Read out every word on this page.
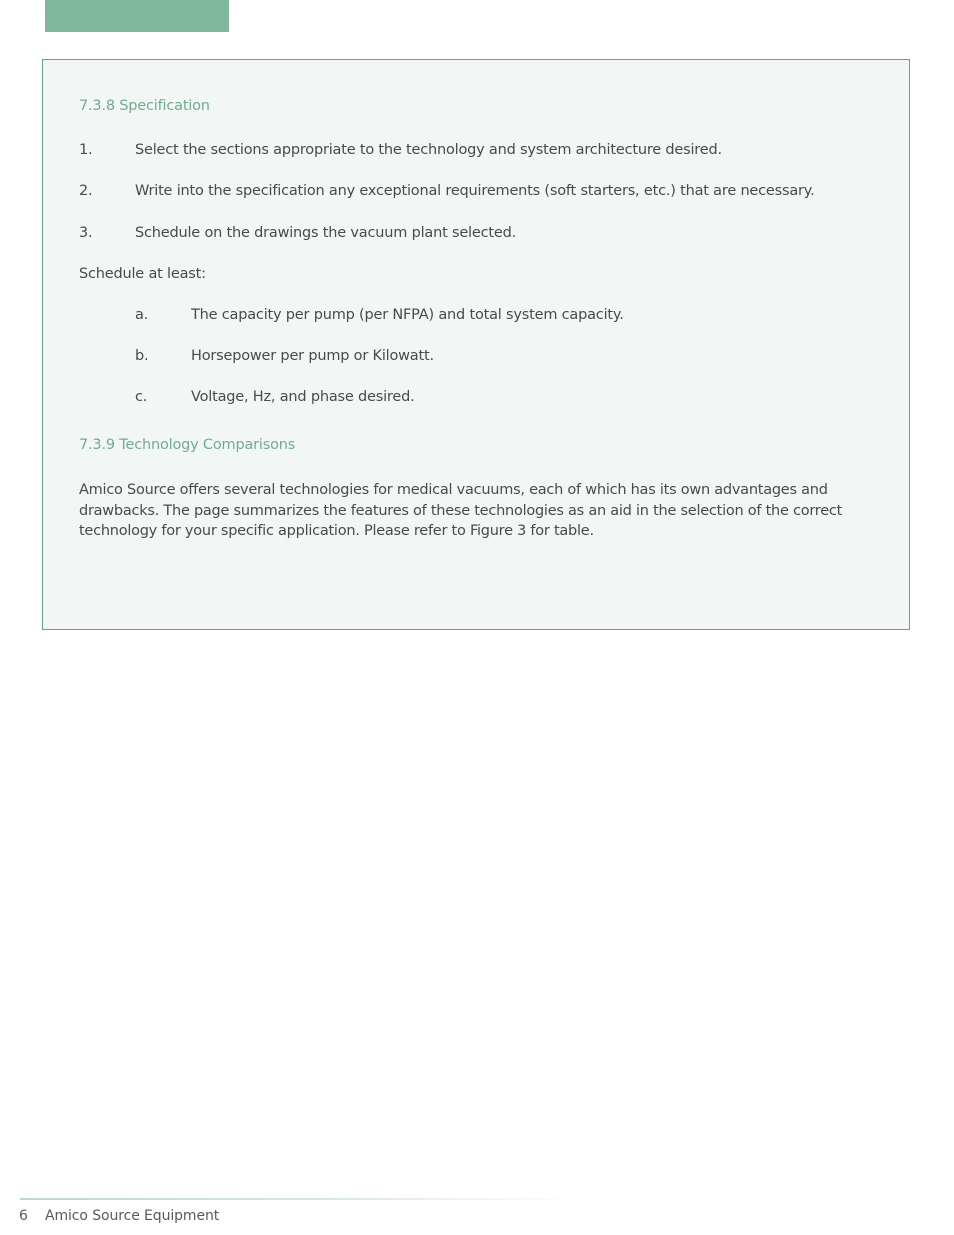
7.3.8 Specification
1.	Select the sections appropriate to the technology and system architecture desired.
2.	Write into the specification any exceptional requirements (soft starters, etc.) that are necessary.
3.	Schedule on the drawings the vacuum plant selected.
Schedule at least:
a.	The capacity per pump (per NFPA) and total system capacity.
b.	Horsepower per pump or Kilowatt.
c.	Voltage, Hz, and phase desired.
7.3.9 Technology Comparisons

Amico Source offers several technologies for medical vacuums, each of which has its own advantages and drawbacks. The page summarizes the features of these technologies as an aid in the selection of the correct technology for your specific application. Please refer to Figure 3 for table.

6 Amico Source Equipment
